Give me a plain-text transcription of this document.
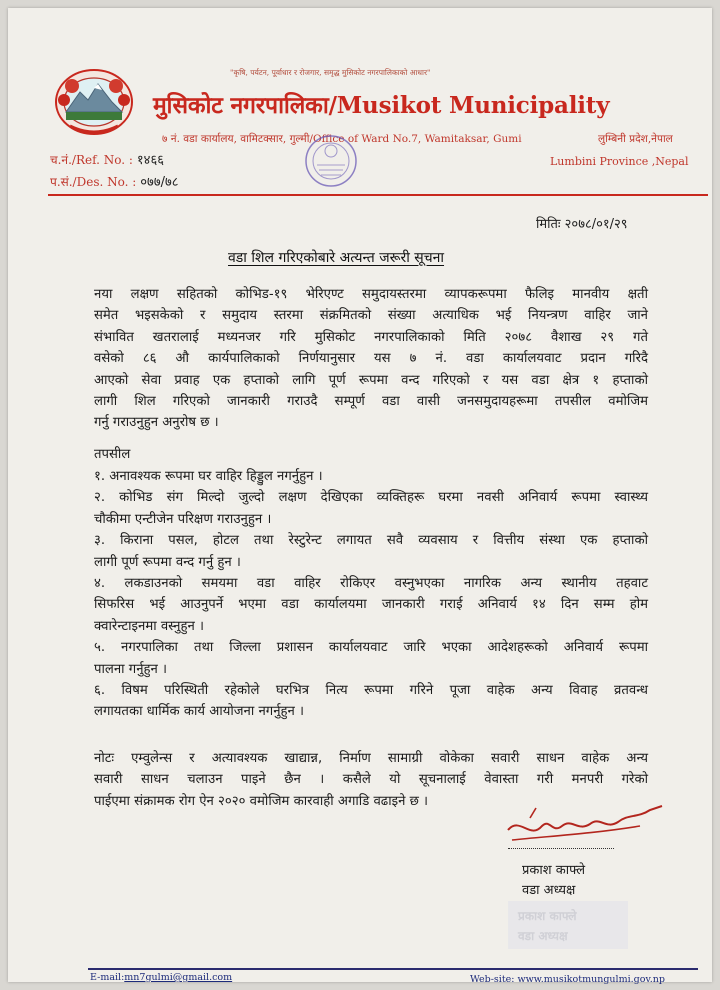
"कृषि, पर्यटन, पूर्वाधार र रोजगार, समृद्ध मुसिकोट नगरपालिकाको आधार"
मुसिकोट नगरपालिका/Musikot Municipality
७ नं. वडा कार्यालय, वामिटक्सार, गुल्मी/Office of Ward No.7, Wamitaksar, Gumi	लुम्बिनी प्रदेश,नेपाल
Lumbini Province ,Nepal
च.नं./Ref. No. : १४६६
प.सं./Des. No. : ०७७/७८
मितिः २०७८/०१/२९
वडा शिल गरिएकोबारे अत्यन्त जरूरी सूचना
नया लक्षण सहितको कोभिड-१९ भेरिएण्ट समुदायस्तरमा व्यापकरूपमा फैलिइ मानवीय क्षती
समेत भइसकेको र समुदाय स्तरमा संक्रमितको संख्या अत्याधिक भई नियन्त्रण वाहिर जाने
संभावित खतरालाई मध्यनजर गरि मुसिकोट नगरपालिकाको मिति २०७८ वैशाख २९ गते
वसेको ८६ औ कार्यपालिकाको निर्णयानुसार यस ७ नं. वडा कार्यालयवाट प्रदान गरिदै
आएको सेवा प्रवाह एक हप्ताको लागि पूर्ण रूपमा वन्द गरिएको र यस वडा क्षेत्र १ हप्ताको
लागी शिल गरिएको जानकारी गराउदै सम्पूर्ण वडा वासी जनसमुदायहरूमा तपसील वमोजिम
गर्नु गराउनुहुन अनुरोष छ ।
तपसील
१. अनावश्यक रूपमा घर वाहिर हिड्डुल नगर्नुहुन ।
२. कोभिड संग मिल्दो जुल्दो लक्षण देखिएका व्यक्तिहरू घरमा नवसी अनिवार्य रूपमा स्वास्थ्य
चौकीमा एन्टीजेन परिक्षण गराउनुहुन ।
३. किराना पसल, होटल तथा रेस्टुरेन्ट लगायत सवै व्यवसाय र वित्तीय संस्था एक हप्ताको
लागी पूर्ण रूपमा वन्द गर्नु हुन ।
४. लकडाउनको समयमा वडा वाहिर रोकिएर वस्नुभएका नागरिक अन्य स्थानीय तहवाट
सिफरिस भई आउनुपर्ने भएमा वडा कार्यालयमा जानकारी गराई अनिवार्य १४ दिन सम्म होम
क्वारेन्टाइनमा वस्नुहुन ।
५. नगरपालिका तथा जिल्ला प्रशासन कार्यालयवाट जारि भएका आदेशहरूको अनिवार्य रूपमा
पालना गर्नुहुन ।
६. विषम परिस्थिती रहेकोले घरभित्र नित्य रूपमा गरिने पूजा वाहेक अन्य विवाह व्रतवन्ध
लगायतका धार्मिक कार्य आयोजना नगर्नुहुन ।
नोटः एम्वुलेन्स र अत्यावश्यक खाद्यान्न, निर्माण सामाग्री वोकेका सवारी साधन वाहेक अन्य
सवारी साधन चलाउन पाइने छैन । कसैले यो सूचनालाई वेवास्ता गरी मनपरी गरेको
पाईएमा संक्रामक रोग ऐन २०२० वमोजिम कारवाही अगाडि वढाइने छ ।
प्रकाश काफ्ले
वडा अध्यक्ष
प्रकाश काफ्ले
वडा अध्यक्ष
E-mail:mn7gulmi@gmail.com	Web-site: www.musikotmungulmi.gov.np
